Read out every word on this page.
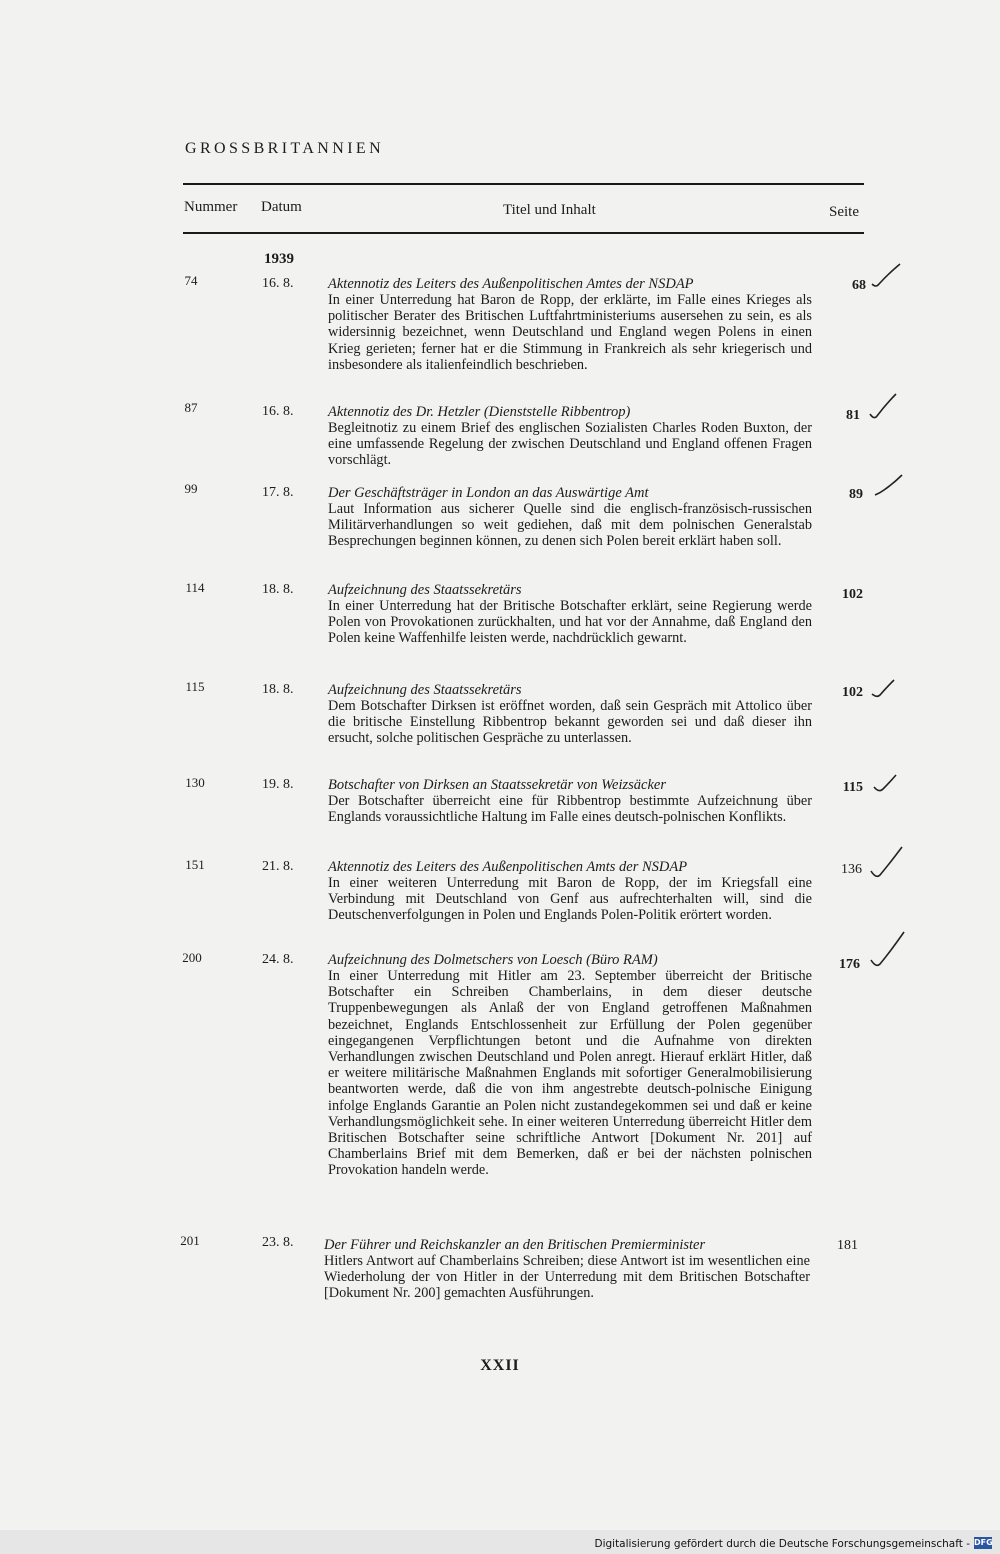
GROSSBRITANNIEN
Nummer Datum	Titel und Inhalt	Seite
1939
74	16. 8. Aktennotiz des Leiters des Außenpolitischen Amtes der NSDAP
In einer Unterredung hat Baron de Ropp, der erklärte, im Falle eines Krieges als politischer Berater des Britischen Luftfahrtministeriums ausersehen zu sein, es als widersinnig bezeichnet, wenn Deutschland und England wegen Polens in einen Krieg gerieten; ferner hat er die Stimmung in Frankreich als sehr kriegerisch und insbesondere als italienfeindlich beschrieben.
68
87	16. 8. Aktennotiz des Dr. Hetzler (Dienststelle Ribbentrop)
Begleitnotiz zu einem Brief des englischen Sozialisten Charles Roden Buxton, der eine umfassende Regelung der zwischen Deutschland und England offenen Fragen vorschlägt.
81
99	17. 8. Der Geschäftsträger in London an das Auswärtige Amt
Laut Information aus sicherer Quelle sind die englisch-französisch-russischen Militärverhandlungen so weit gediehen, daß mit dem polnischen Generalstab Besprechungen beginnen können, zu denen sich Polen bereit erklärt haben soll.
89
114	18. 8. Aufzeichnung des Staatssekretärs
In einer Unterredung hat der Britische Botschafter erklärt, seine Regierung werde Polen von Provokationen zurückhalten, und hat vor der Annahme, daß England den Polen keine Waffenhilfe leisten werde, nachdrücklich gewarnt.
102
115	18. 8. Aufzeichnung des Staatssekretärs
Dem Botschafter Dirksen ist eröffnet worden, daß sein Gespräch mit Attolico über die britische Einstellung Ribbentrop bekannt geworden sei und daß dieser ihn ersucht, solche politischen Gespräche zu unterlassen.
102
130	19. 8. Botschafter von Dirksen an Staatssekretär von Weizsäcker
Der Botschafter überreicht eine für Ribbentrop bestimmte Aufzeichnung über Englands voraussichtliche Haltung im Falle eines deutsch-polnischen Konflikts.
115
151	21. 8. Aktennotiz des Leiters des Außenpolitischen Amts der NSDAP
In einer weiteren Unterredung mit Baron de Ropp, der im Kriegsfall eine Verbindung mit Deutschland von Genf aus aufrechterhalten will, sind die Deutschenverfolgungen in Polen und Englands Polen-Politik erörtert worden.
136
200	24. 8. Aufzeichnung des Dolmetschers von Loesch (Büro RAM)
In einer Unterredung mit Hitler am 23. September überreicht der Britische Botschafter ein Schreiben Chamberlains, in dem dieser deutsche Truppenbewegungen als Anlaß der von England getroffenen Maßnahmen bezeichnet, Englands Entschlossenheit zur Erfüllung der Polen gegenüber eingegangenen Verpflichtungen betont und die Aufnahme von direkten Verhandlungen zwischen Deutschland und Polen anregt. Hierauf erklärt Hitler, daß er weitere militärische Maßnahmen Englands mit sofortiger Generalmobilisierung beantworten werde, daß die von ihm angestrebte deutsch-polnische Einigung infolge Englands Garantie an Polen nicht zustandegekommen sei und daß er keine Verhandlungsmöglichkeit sehe. In einer weiteren Unterredung überreicht Hitler dem Britischen Botschafter seine schriftliche Antwort [Dokument Nr. 201] auf Chamberlains Brief mit dem Bemerken, daß er bei der nächsten polnischen Provokation handeln werde.
176
201	23. 8. Der Führer und Reichskanzler an den Britischen Premierminister
Hitlers Antwort auf Chamberlains Schreiben; diese Antwort ist im wesentlichen eine Wiederholung der von Hitler in der Unterredung mit dem Britischen Botschafter [Dokument Nr. 200] gemachten Ausführungen.
181
XXII
Digitalisierung gefördert durch die Deutsche Forschungsgemeinschaft - DFG
